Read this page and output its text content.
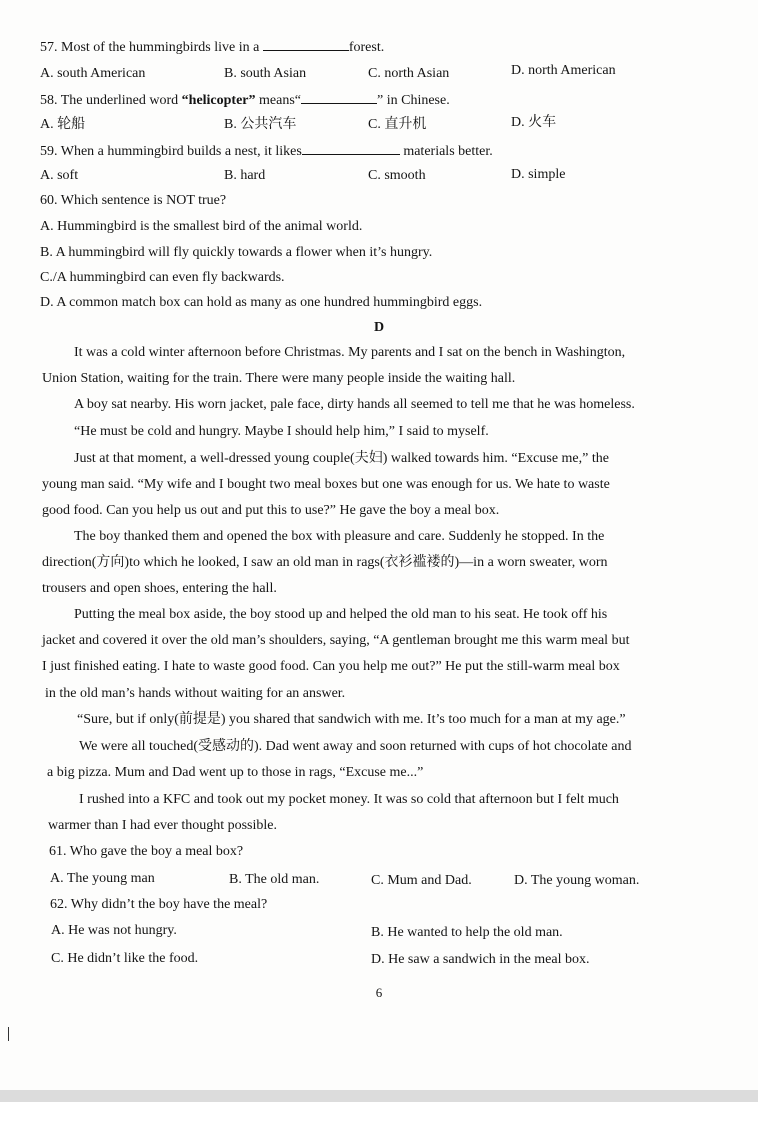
57. Most of the hummingbirds live in a	forest.
A. south American	B. south Asian	C. north Asian	D. north American
58. The underlined word “helicopter” means“	” in Chinese.
A. 轮船	B. 公共汽车	C. 直升机	D. 火车
59. When a hummingbird builds a nest, it likes	materials better.
A. soft	B. hard	C. smooth	D. simple
60. Which sentence is NOT true?
A. Hummingbird is the smallest bird of the animal world.
B. A hummingbird will fly quickly towards a flower when it’s hungry.
C./A hummingbird can even fly backwards.
D. A common match box can hold as many as one hundred hummingbird eggs.
D
It was a cold winter afternoon before Christmas. My parents and I sat on the bench in Washington,
Union Station, waiting for the train. There were many people inside the waiting hall.
A boy sat nearby. His worn jacket, pale face, dirty hands all seemed to tell me that he was homeless.
“He must be cold and hungry. Maybe I should help him,” I said to myself.
Just at that moment, a well-dressed young couple(夫妇) walked towards him. “Excuse me,” the
young man said. “My wife and I bought two meal boxes but one was enough for us. We hate to waste
good food. Can you help us out and put this to use?” He gave the boy a meal box.
The boy thanked them and opened the box with pleasure and care. Suddenly he stopped. In the
direction(方向)to which he looked, I saw an old man in rags(衣衫褴褛的)—in a worn sweater, worn
trousers and open shoes, entering the hall.
Putting the meal box aside, the boy stood up and helped the old man to his seat. He took off his
jacket and covered it over the old man’s shoulders, saying, “A gentleman brought me this warm meal but
I just finished eating. I hate to waste good food. Can you help me out?” He put the still-warm meal box
in the old man’s hands without waiting for an answer.
“Sure, but if only(前提是) you shared that sandwich with me. It’s too much for a man at my age.”
We were all touched(受感动的). Dad went away and soon returned with cups of hot chocolate and
a big pizza. Mum and Dad went up to those in rags, “Excuse me...”
I rushed into a KFC and took out my pocket money. It was so cold that afternoon but I felt much
warmer than I had ever thought possible.
61. Who gave the boy a meal box?
A. The young man	B. The old man.	C. Mum and Dad.	D. The young woman.
62. Why didn’t the boy have the meal?
A. He was not hungry.	B. He wanted to help the old man.
C. He didn’t like the food.	D. He saw a sandwich in the meal box.
6
